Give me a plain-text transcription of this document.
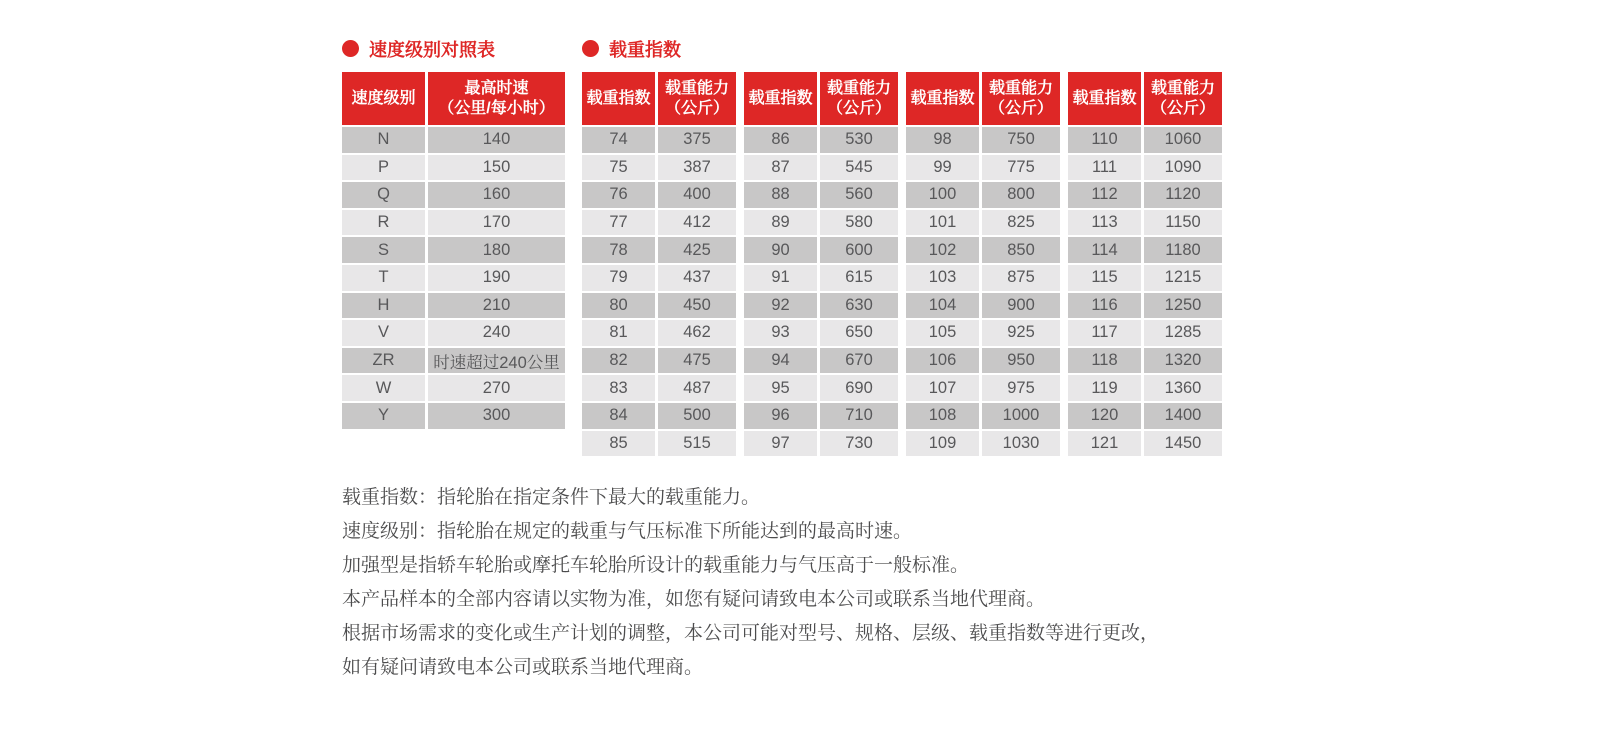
速度级别对照表
速度级别
最高时速
（公里/每小时）
N	140
P	150
Q	160
R	170
S	180
T	190
H	210
V	240
ZR	时速超过240公里
W	270
Y	300
载重指数
载重指数
载重能力
（公斤）
74	375
75	387
76	400
77	412
78	425
79	437
80	450
81	462
82	475
83	487
84	500
85	515
载重指数
载重能力
（公斤）
86	530
87	545
88	560
89	580
90	600
91	615
92	630
93	650
94	670
95	690
96	710
97	730
载重指数
载重能力
（公斤）
98	750
99	775
100	800
101	825
102	850
103	875
104	900
105	925
106	950
107	975
108	1000
109	1030
载重指数
载重能力
（公斤）
110	1060
111	1090
112	1120
113	1150
114	1180
115	1215
116	1250
117	1285
118	1320
119	1360
120	1400
121	1450
载重指数：指轮胎在指定条件下最大的载重能力。
速度级别：指轮胎在规定的载重与气压标准下所能达到的最高时速。
加强型是指轿车轮胎或摩托车轮胎所设计的载重能力与气压高于一般标准。
本产品样本的全部内容请以实物为准，如您有疑问请致电本公司或联系当地代理商。
根据市场需求的变化或生产计划的调整，本公司可能对型号、规格、层级、载重指数等进行更改，
如有疑问请致电本公司或联系当地代理商。
